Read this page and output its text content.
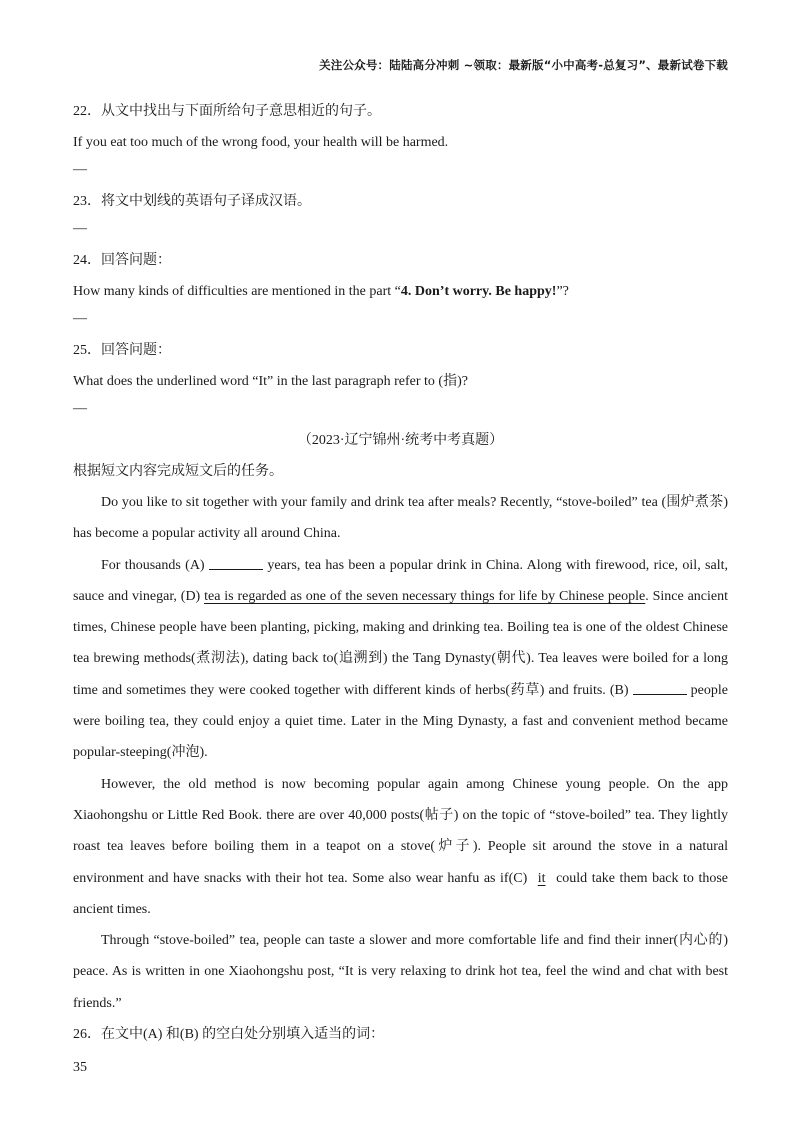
关注公众号：陆陆高分冲刺 ~领取：最新版“小中高考-总复习”、最新试卷下载
22．从文中找出与下面所给句子意思相近的句子。
If you eat too much of the wrong food, your health will be harmed.
—
23．将文中划线的英语句子译成汉语。
—
24．回答问题：
How many kinds of difficulties are mentioned in the part “4. Don’t worry. Be happy!”?
—
25．回答问题：
What does the underlined word “It” in the last paragraph refer to (指)?
—
（2023·辽宁锦州·统考中考真题）
根据短文内容完成短文后的任务。
Do you like to sit together with your family and drink tea after meals? Recently, “stove-boiled” tea (围炉煮茶) has become a popular activity all around China.
For thousands (A)	years, tea has been a popular drink in China. Along with firewood, rice, oil, salt, sauce and vinegar, (D) tea is regarded as one of the seven necessary things for life by Chinese people. Since ancient times, Chinese people have been planting, picking, making and drinking tea. Boiling tea is one of the oldest Chinese tea brewing methods(煮沏法), dating back to(追溯到) the Tang Dynasty(朝代). Tea leaves were boiled for a long time and sometimes they were cooked together with different kinds of herbs(药草) and fruits. (B)	people were boiling tea, they could enjoy a quiet time. Later in the Ming Dynasty, a fast and convenient method became popular-steeping(冲泡).
However, the old method is now becoming popular again among Chinese young people. On the app Xiaohongshu or Little Red Book. there are over 40,000 posts(帖子) on the topic of “stove-boiled” tea. They lightly roast tea leaves before boiling them in a teapot on a stove(炉子). People sit around the stove in a natural environment and have snacks with their hot tea. Some also wear hanfu as if(C) it could take them back to those ancient times.
Through “stove-boiled” tea, people can taste a slower and more comfortable life and find their inner(内心的) peace. As is written in one Xiaohongshu post, “It is very relaxing to drink hot tea, feel the wind and chat with best friends.”
26．在文中(A) 和(B) 的空白处分别填入适当的词：
35
